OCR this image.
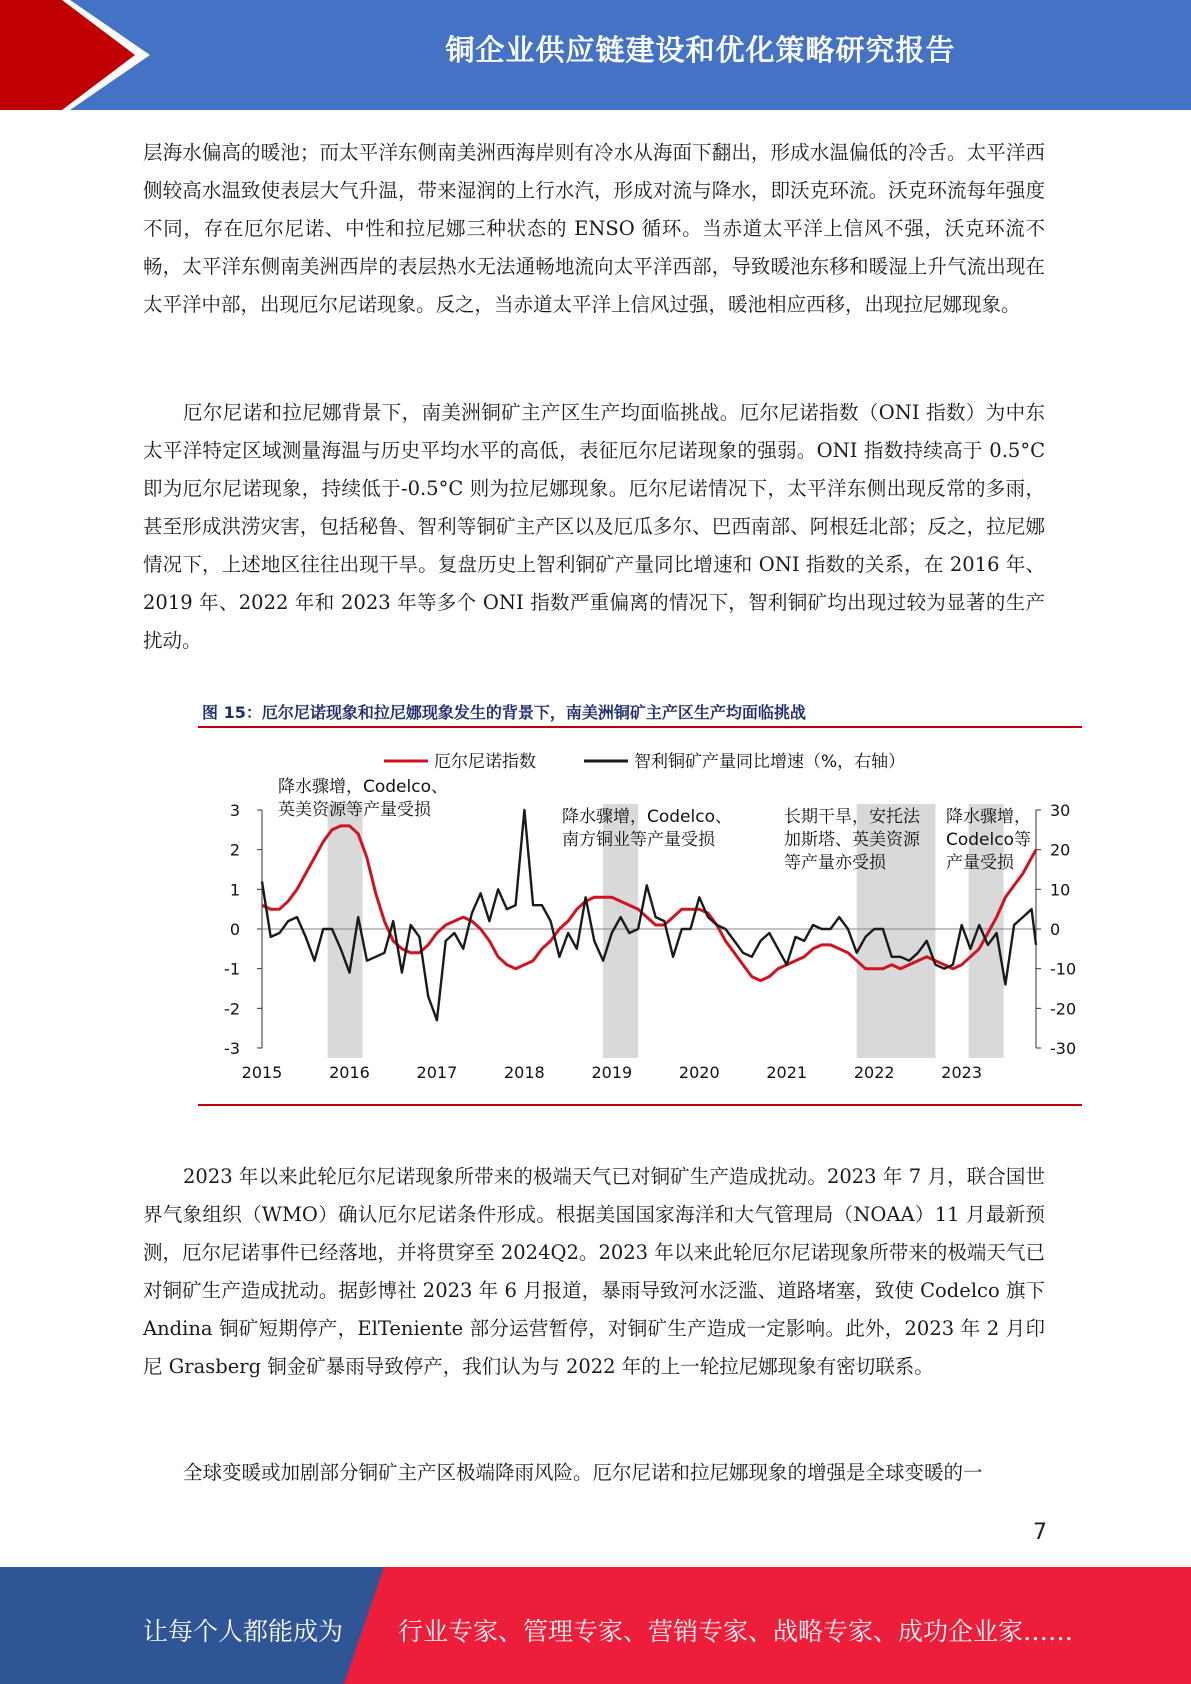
铜企业供应链建设和优化策略研究报告

层海水偏高的暖池；而太平洋东侧南美洲西海岸则有冷水从海面下翻出，形成水温偏低的冷舌。太平洋西侧较高水温致使表层大气升温，带来湿润的上行水汽，形成对流与降水，即沃克环流。沃克环流每年强度不同，存在厄尔尼诺、中性和拉尼娜三种状态的 ENSO 循环。当赤道太平洋上信风不强，沃克环流不畅，太平洋东侧南美洲西岸的表层热水无法通畅地流向太平洋西部，导致暖池东移和暖湿上升气流出现在太平洋中部，出现厄尔尼诺现象。反之，当赤道太平洋上信风过强，暖池相应西移，出现拉尼娜现象。

厄尔尼诺和拉尼娜背景下，南美洲铜矿主产区生产均面临挑战。厄尔尼诺指数（ONI 指数）为中东太平洋特定区域测量海温与历史平均水平的高低，表征厄尔尼诺现象的强弱。ONI 指数持续高于 0.5°C 即为厄尔尼诺现象，持续低于-0.5°C 则为拉尼娜现象。厄尔尼诺情况下，太平洋东侧出现反常的多雨，甚至形成洪涝灾害，包括秘鲁、智利等铜矿主产区以及厄瓜多尔、巴西南部、阿根廷北部；反之，拉尼娜情况下，上述地区往往出现干旱。复盘历史上智利铜矿产量同比增速和 ONI 指数的关系，在 2016 年、2019 年、2022 年和 2023 年等多个 ONI 指数严重偏离的情况下，智利铜矿均出现过较为显著的生产扰动。

图 15：厄尔尼诺现象和拉尼娜现象发生的背景下，南美洲铜矿主产区生产均面临挑战
3
2
1
0
-1
-2
-3
30
20
10
0
-10
-20
-30
2015	2016	2017	2018	2019	2020	2021	2022	2023
厄尔尼诺指数	智利铜矿产量同比增速（%，右轴）
降水骤增，Codelco、
英美资源等产量受损	降水骤增，Codelco、
南方铜业等产量受损
长期干旱，安托法
加斯塔、英美资源
等产量亦受损
降水骤增，
Codelco等
产量受损

2023 年以来此轮厄尔尼诺现象所带来的极端天气已对铜矿生产造成扰动。2023 年 7 月，联合国世界气象组织（WMO）确认厄尔尼诺条件形成。根据美国国家海洋和大气管理局（NOAA）11 月最新预测，厄尔尼诺事件已经落地，并将贯穿至 2024Q2。2023 年以来此轮厄尔尼诺现象所带来的极端天气已对铜矿生产造成扰动。据彭博社 2023 年 6 月报道，暴雨导致河水泛滥、道路堵塞，致使 Codelco 旗下 Andina 铜矿短期停产，ElTeniente 部分运营暂停，对铜矿生产造成一定影响。此外，2023 年 2 月印尼 Grasberg 铜金矿暴雨导致停产，我们认为与 2022 年的上一轮拉尼娜现象有密切联系。

全球变暖或加剧部分铜矿主产区极端降雨风险。厄尔尼诺和拉尼娜现象的增强是全球变暖的一

7
让每个人都能成为 行业专家、管理专家、营销专家、战略专家、成功企业家……
